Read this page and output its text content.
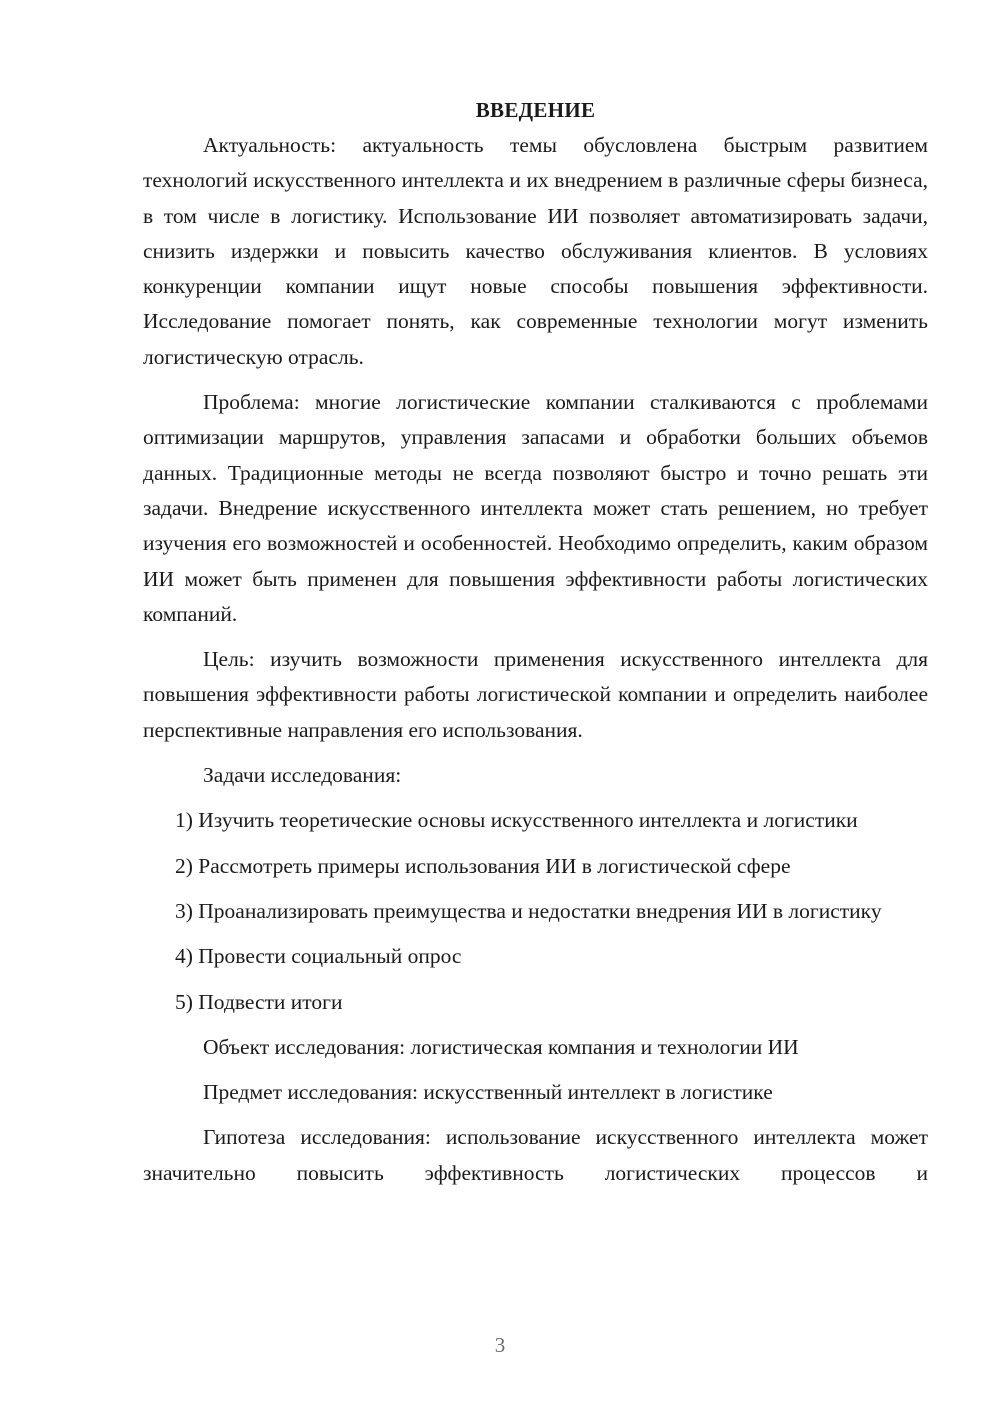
ВВЕДЕНИЕ

Актуальность: актуальность темы обусловлена быстрым развитием технологий искусственного интеллекта и их внедрением в различные сферы бизнеса, в том числе в логистику. Использование ИИ позволяет автоматизировать задачи, снизить издержки и повысить качество обслуживания клиентов. В условиях конкуренции компании ищут новые способы повышения эффективности. Исследование помогает понять, как современные технологии могут изменить логистическую отрасль.

Проблема: многие логистические компании сталкиваются с проблемами оптимизации маршрутов, управления запасами и обработки больших объемов данных. Традиционные методы не всегда позволяют быстро и точно решать эти задачи. Внедрение искусственного интеллекта может стать решением, но требует изучения его возможностей и особенностей. Необходимо определить, каким образом ИИ может быть применен для повышения эффективности работы логистических компаний.

Цель: изучить возможности применения искусственного интеллекта для повышения эффективности работы логистической компании и определить наиболее перспективные направления его использования.

Задачи исследования:

1) Изучить теоретические основы искусственного интеллекта и логистики

2) Рассмотреть примеры использования ИИ в логистической сфере

3) Проанализировать преимущества и недостатки внедрения ИИ в логистику

4) Провести социальный опрос

5) Подвести итоги

Объект исследования: логистическая компания и технологии ИИ

Предмет исследования: искусственный интеллект в логистике

Гипотеза исследования: использование искусственного интеллекта может значительно повысить эффективность логистических процессов и

3
